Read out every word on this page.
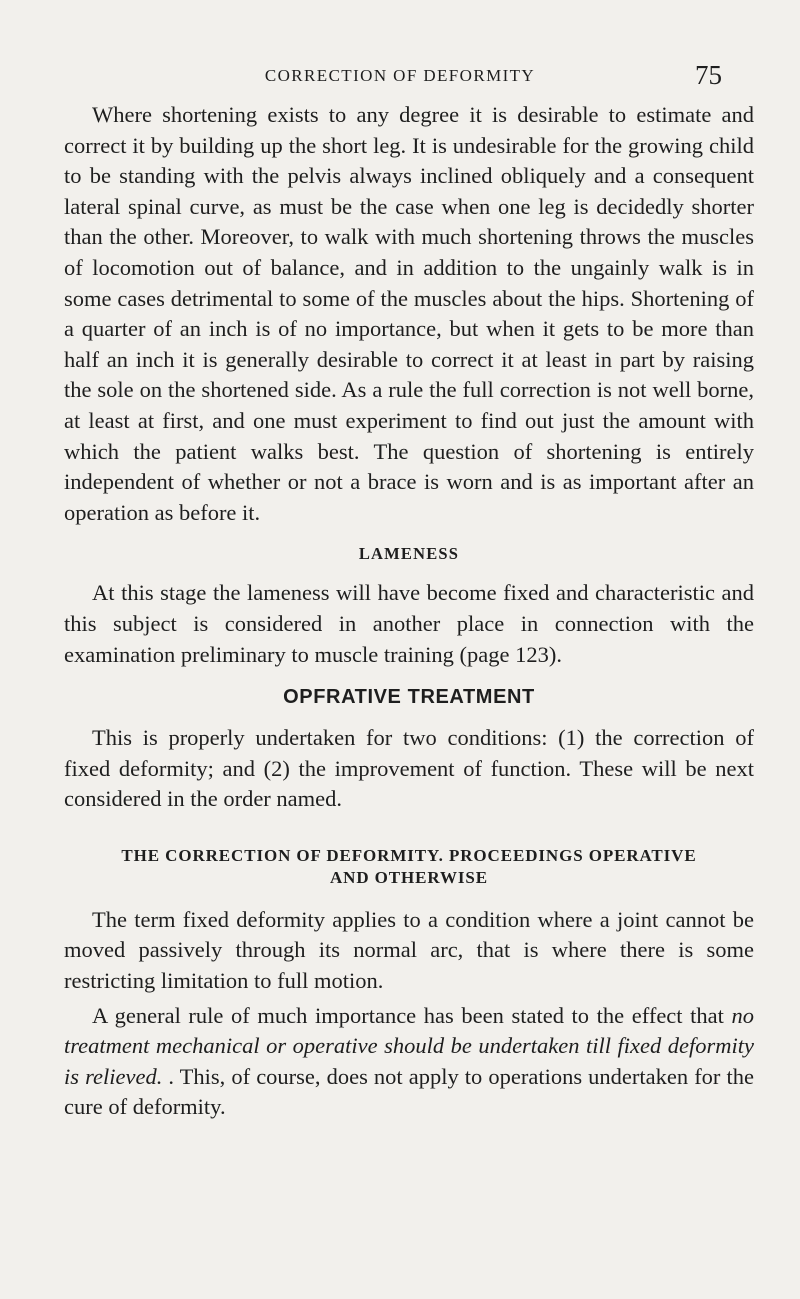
CORRECTION OF DEFORMITY	75

Where shortening exists to any degree it is desirable to estimate and correct it by building up the short leg. It is undesirable for the growing child to be standing with the pelvis always inclined obliquely and a consequent lateral spinal curve, as must be the case when one leg is decidedly shorter than the other. Moreover, to walk with much shortening throws the muscles of locomotion out of balance, and in addition to the ungainly walk is in some cases detrimental to some of the muscles about the hips. Shortening of a quarter of an inch is of no importance, but when it gets to be more than half an inch it is generally desirable to correct it at least in part by raising the sole on the shortened side. As a rule the full correction is not well borne, at least at first, and one must experiment to find out just the amount with which the patient walks best. The question of shortening is entirely independent of whether or not a brace is worn and is as important after an operation as before it.

LAMENESS

At this stage the lameness will have become fixed and characteristic and this subject is considered in another place in connection with the examination preliminary to muscle training (page 123).

OPFRATIVE TREATMENT

This is properly undertaken for two conditions: (1) the correction of fixed deformity; and (2) the improvement of function. These will be next considered in the order named.

THE CORRECTION OF DEFORMITY. PROCEEDINGS OPERATIVE
AND OTHERWISE

The term fixed deformity applies to a condition where a joint cannot be moved passively through its normal arc, that is where there is some restricting limitation to full motion.

A general rule of much importance has been stated to the effect that no treatment mechanical or operative should be undertaken till fixed deformity is relieved. . This, of course, does not apply to operations undertaken for the cure of deformity.
